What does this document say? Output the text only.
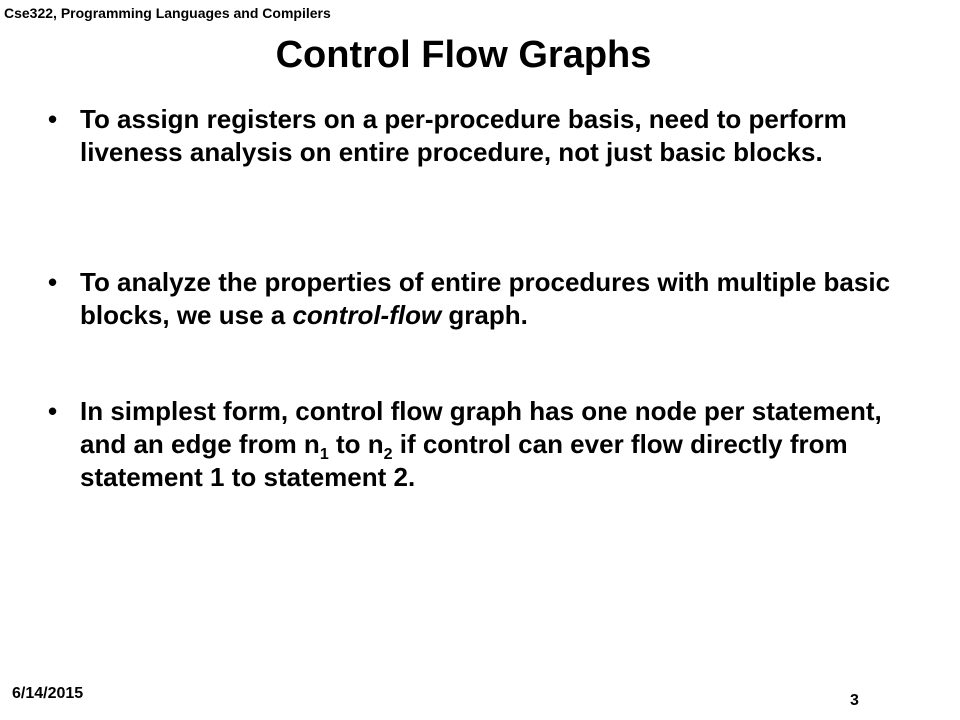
Cse322, Programming Languages and Compilers
Control Flow Graphs
• To assign registers on a per-procedure basis, need to perform liveness analysis on entire procedure, not just basic blocks.
• To analyze the properties of entire procedures with multiple basic blocks, we use a control-flow graph.
• In simplest form, control flow graph has one node per statement, and an edge from $n_1$ to $n_2$ if control can ever flow directly from statement 1 to statement 2.
6/14/2015	3
